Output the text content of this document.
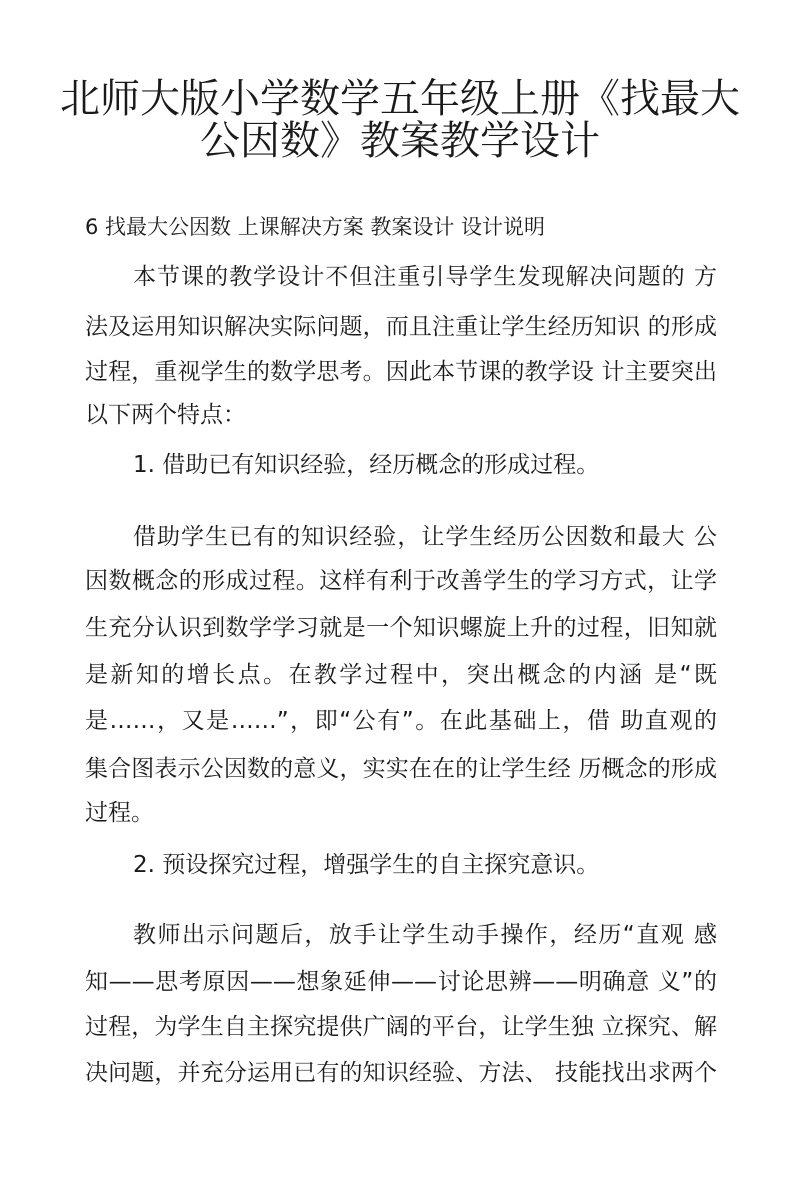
北师大版小学数学五年级上册《找最大
公因数》教案教学设计
6 找最大公因数 上课解决方案 教案设计 设计说明
本节课的教学设计不但注重引导学生发现解决问题的 方
法及运用知识解决实际问题，而且注重让学生经历知识 的形成
过程，重视学生的数学思考。因此本节课的教学设 计主要突出
以下两个特点：
1. 借助已有知识经验，经历概念的形成过程。
借助学生已有的知识经验，让学生经历公因数和最大 公
因数概念的形成过程。这样有利于改善学生的学习方式，让学
生充分认识到数学学习就是一个知识螺旋上升的过程，旧知就
是新知的增长点。在教学过程中，突出概念的内涵 是“既
是……，又是……”，即“公有”。在此基础上，借 助直观的
集合图表示公因数的意义，实实在在的让学生经 历概念的形成
过程。
2. 预设探究过程，增强学生的自主探究意识。
教师出示问题后，放手让学生动手操作，经历“直观 感
知——思考原因——想象延伸——讨论思辨——明确意 义”的
过程，为学生自主探究提供广阔的平台，让学生独 立探究、解
决问题，并充分运用已有的知识经验、方法、 技能找出求两个
